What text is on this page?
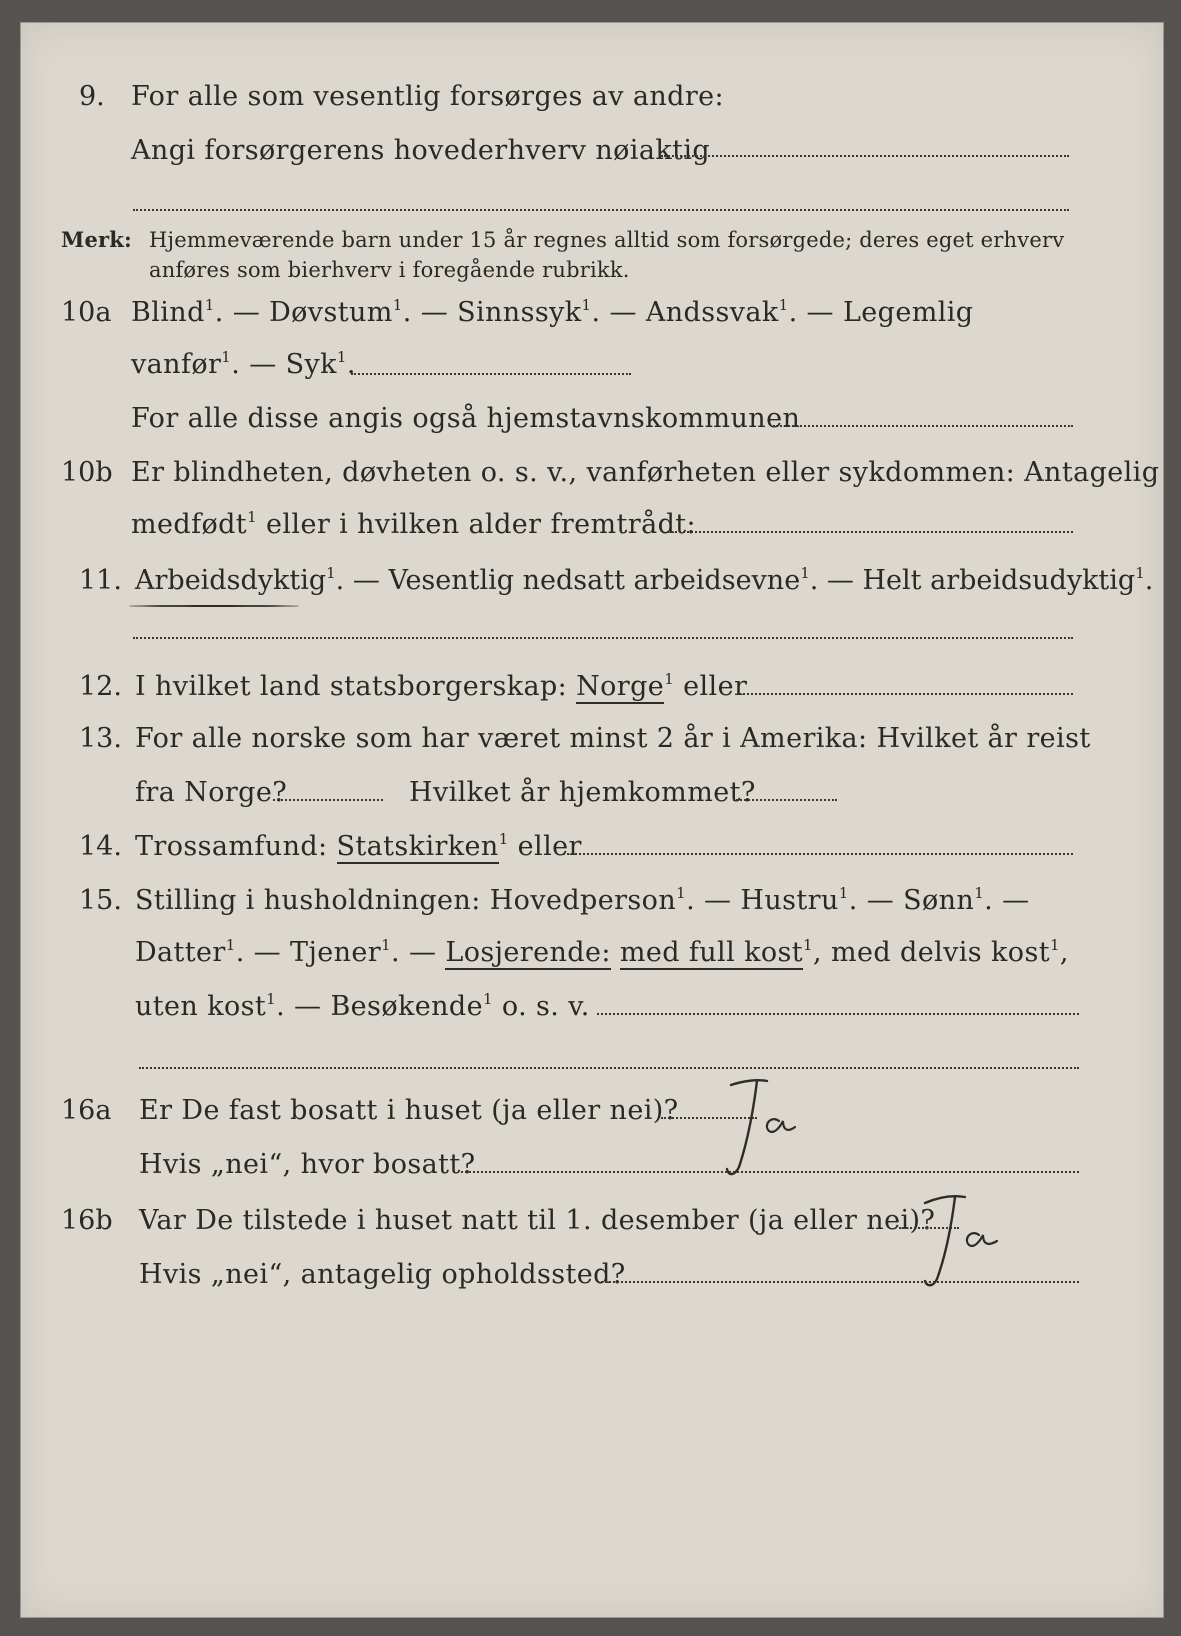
9. For alle som vesentlig forsørges av andre:
Angi forsørgerens hovederhverv nøiaktig
Merk: Hjemmeværende barn under 15 år regnes alltid som forsørgede; deres eget erhverv
anføres som bierhverv i foregående rubrikk.
10a Blind$^1$. — Døvstum$^1$. — Sinnssyk$^1$. — Andssvak$^1$. — Legemlig
vanfør$^1$. — Syk$^1$.
For alle disse angis også hjemstavnskommunen
10b Er blindheten, døvheten o. s. v., vanførheten eller sykdommen: Antagelig
medfødt$^1$ eller i hvilken alder fremtrådt:
11. Arbeidsdyktig$^1$. — Vesentlig nedsatt arbeidsevne$^1$. — Helt arbeidsudyktig$^1$.
12. I hvilket land statsborgerskap: Norge$^1$ eller
13. For alle norske som har været minst 2 år i Amerika: Hvilket år reist
fra Norge?	Hvilket år hjemkommet?
14. Trossamfund: Statskirken$^1$ eller
15. Stilling i husholdningen: Hovedperson$^1$. — Hustru$^1$. — Sønn$^1$. —
Datter$^1$. — Tjener$^1$. — Losjerende: med full kost$^1$, med delvis kost$^1$,
uten kost$^1$. — Besøkende$^1$ o. s. v.
16a Er De fast bosatt i huset (ja eller nei)?
Ja
Hvis „nei“, hvor bosatt?
16b Var De tilstede i huset natt til 1. desember (ja eller nei)?
Ja
Hvis „nei“, antagelig opholdssted?
